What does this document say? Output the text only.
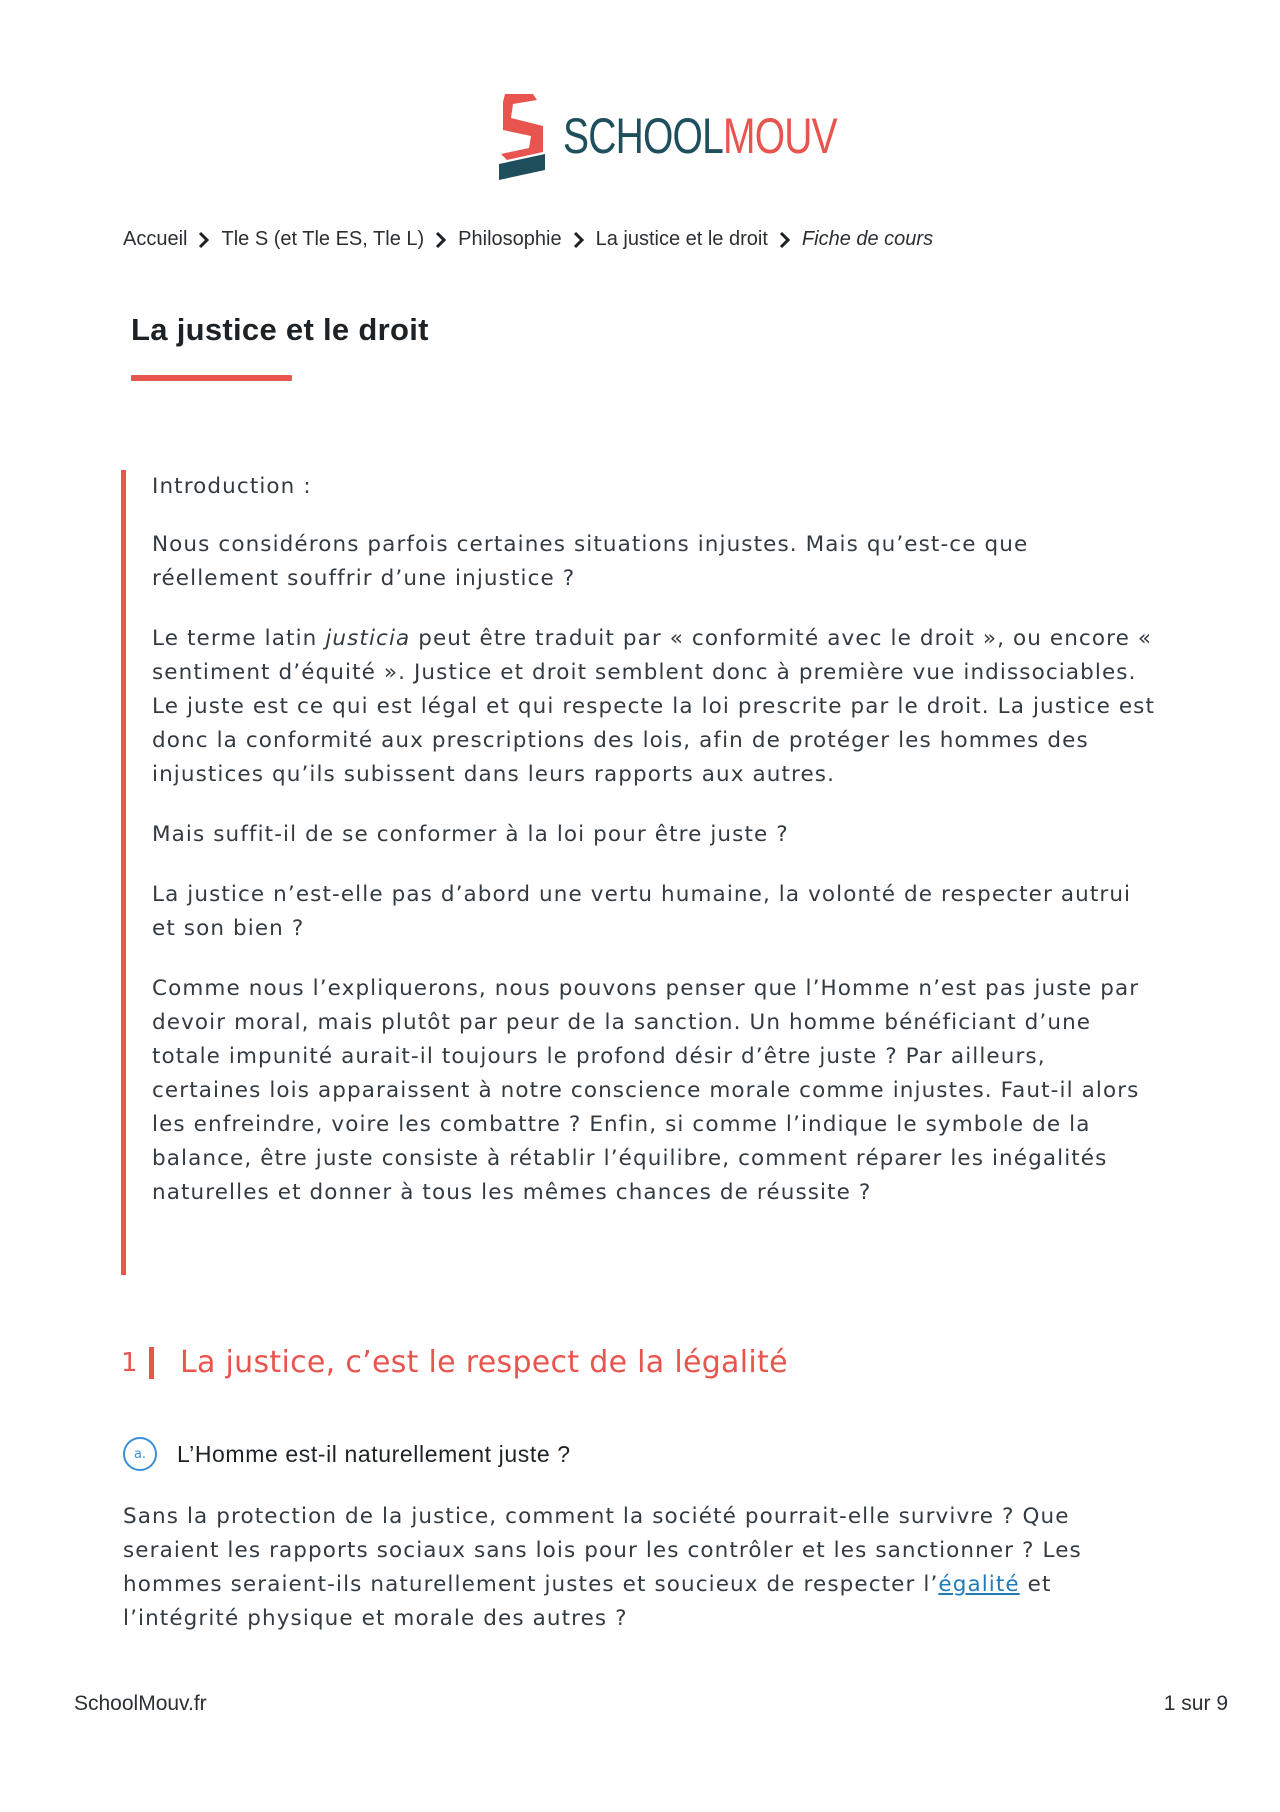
SCHOOLMOUV
Accueil Tle S (et Tle ES, Tle L) Philosophie La justice et le droit Fiche de cours
La justice et le droit

Introduction :

Nous considérons parfois certaines situations injustes. Mais qu’est-ce que réellement souffrir d’une injustice ?

Le terme latin justicia peut être traduit par « conformité avec le droit », ou encore « sentiment d’équité ». Justice et droit semblent donc à première vue indissociables. Le juste est ce qui est légal et qui respecte la loi prescrite par le droit. La justice est donc la conformité aux prescriptions des lois, afin de protéger les hommes des injustices qu’ils subissent dans leurs rapports aux autres.

Mais suffit-il de se conformer à la loi pour être juste ?

La justice n’est-elle pas d’abord une vertu humaine, la volonté de respecter autrui et son bien ?

Comme nous l’expliquerons, nous pouvons penser que l’Homme n’est pas juste par devoir moral, mais plutôt par peur de la sanction. Un homme bénéficiant d’une totale impunité aurait-il toujours le profond désir d’être juste ? Par ailleurs, certaines lois apparaissent à notre conscience morale comme injustes. Faut-il alors les enfreindre, voire les combattre ? Enfin, si comme l’indique le symbole de la balance, être juste consiste à rétablir l’équilibre, comment réparer les inégalités naturelles et donner à tous les mêmes chances de réussite ?

1	La justice, c’est le respect de la légalité
a.	L’Homme est-il naturellement juste ?

Sans la protection de la justice, comment la société pourrait-elle survivre ? Que seraient les rapports sociaux sans lois pour les contrôler et les sanctionner ? Les hommes seraient-ils naturellement justes et soucieux de respecter l’égalité et l’intégrité physique et morale des autres ?

SchoolMouv.fr	1 sur 9
